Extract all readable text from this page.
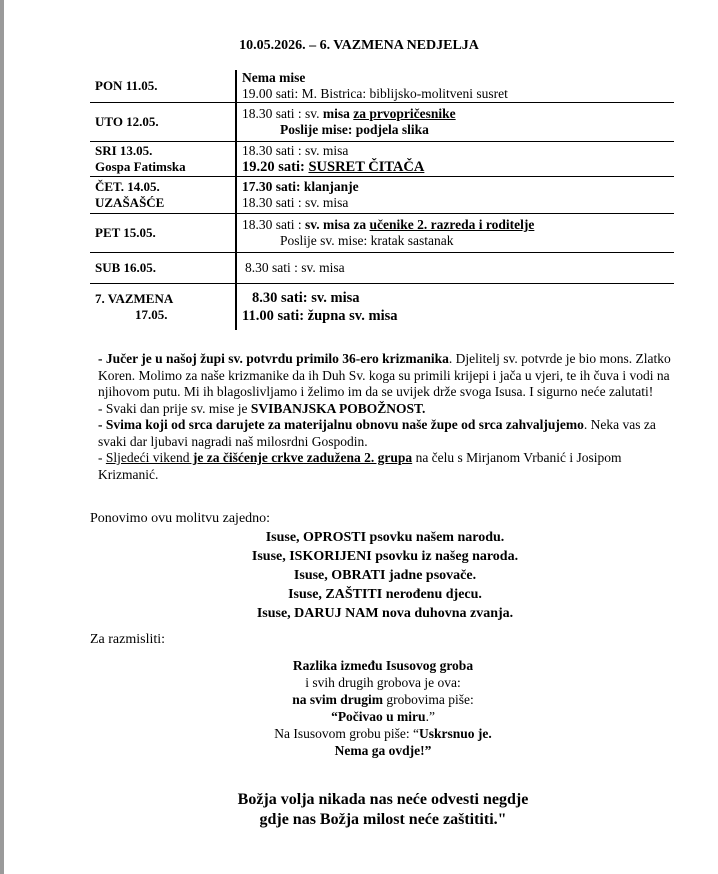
10.05.2026. – 6. VAZMENA NEDJELJA
PON 11.05.
Nema mise
19.00 sati: M. Bistrica: biblijsko-molitveni susret
UTO 12.05.
18.30 sati : sv. misa za prvopričesnike
Poslije mise: podjela slika
SRI 13.05.
Gospa Fatimska
18.30 sati : sv. misa
19.20 sati: SUSRET ČITAČA
ČET. 14.05.
UZAŠAŠĆE
17.30 sati: klanjanje
18.30 sati : sv. misa
PET 15.05.
18.30 sati : sv. misa za učenike 2. razreda i roditelje
Poslije sv. mise: kratak sastanak
SUB 16.05.	8.30 sati : sv. misa
7. VAZMENA
17.05.
8.30 sati: sv. misa
11.00 sati: župna sv. misa

- Jučer je u našoj župi sv. potvrdu primilo 36-ero krizmanika. Djelitelj sv. potvrde je bio mons. Zlatko Koren. Molimo za naše krizmanike da ih Duh Sv. koga su primili krijepi i jača u vjeri, te ih čuva i vodi na njihovom putu. Mi ih blagoslivljamo i želimo im da se uvijek drže svoga Isusa. I sigurno neće zalutati!

- Svaki dan prije sv. mise je SVIBANJSKA POBOŽNOST.

- Svima koji od srca darujete za materijalnu obnovu naše župe od srca zahvaljujemo. Neka vas za svaki dar ljubavi nagradi naš milosrdni Gospodin.

- Sljedeći vikend je za čišćenje crkve zadužena 2. grupa na čelu s Mirjanom Vrbanić i Josipom Krizmanić.

Ponovimo ovu molitvu zajedno:
Isuse, OPROSTI psovku našem narodu.
Isuse, ISKORIJENI psovku iz našeg naroda.
Isuse, OBRATI jadne psovače.
Isuse, ZAŠTITI nerođenu djecu.
Isuse, DARUJ NAM nova duhovna zvanja.
Za razmisliti:
Razlika između Isusovog groba
i svih drugih grobova je ova:
na svim drugim grobovima piše:
“Počivao u miru.”
Na Isusovom grobu piše: “Uskrsnuo je.
Nema ga ovdje!”
Božja volja nikada nas neće odvesti negdje
gdje nas Božja milost neće zaštititi."
